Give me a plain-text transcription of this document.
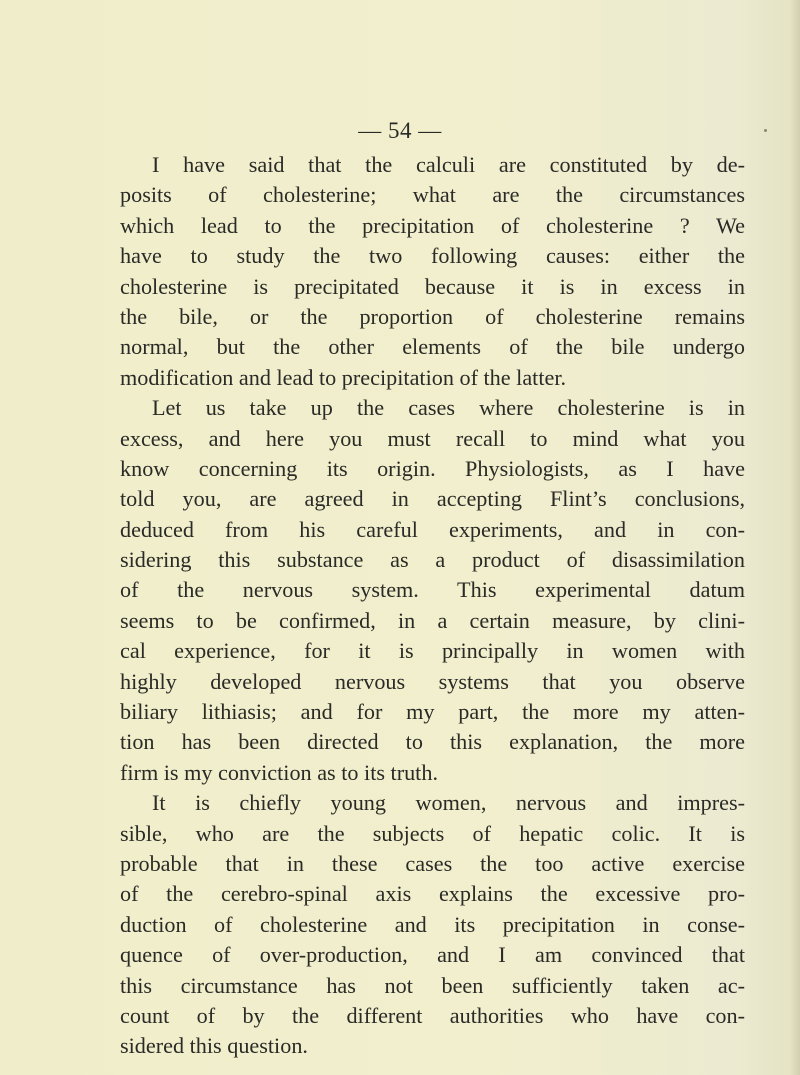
— 54 —
I have said that the calculi are constituted by de-
posits of cholesterine; what are the circumstances
which lead to the precipitation of cholesterine ? We
have to study the two following causes: either the
cholesterine is precipitated because it is in excess in
the bile, or the proportion of cholesterine remains
normal, but the other elements of the bile undergo
modification and lead to precipitation of the latter.
Let us take up the cases where cholesterine is in
excess, and here you must recall to mind what you
know concerning its origin. Physiologists, as I have
told you, are agreed in accepting Flint’s conclusions,
deduced from his careful experiments, and in con-
sidering this substance as a product of disassimilation
of the nervous system. This experimental datum
seems to be confirmed, in a certain measure, by clini-
cal experience, for it is principally in women with
highly developed nervous systems that you observe
biliary lithiasis; and for my part, the more my atten-
tion has been directed to this explanation, the more
firm is my conviction as to its truth.
It is chiefly young women, nervous and impres-
sible, who are the subjects of hepatic colic. It is
probable that in these cases the too active exercise
of the cerebro-spinal axis explains the excessive pro-
duction of cholesterine and its precipitation in conse-
quence of over-production, and I am convinced that
this circumstance has not been sufficiently taken ac-
count of by the different authorities who have con-
sidered this question.
